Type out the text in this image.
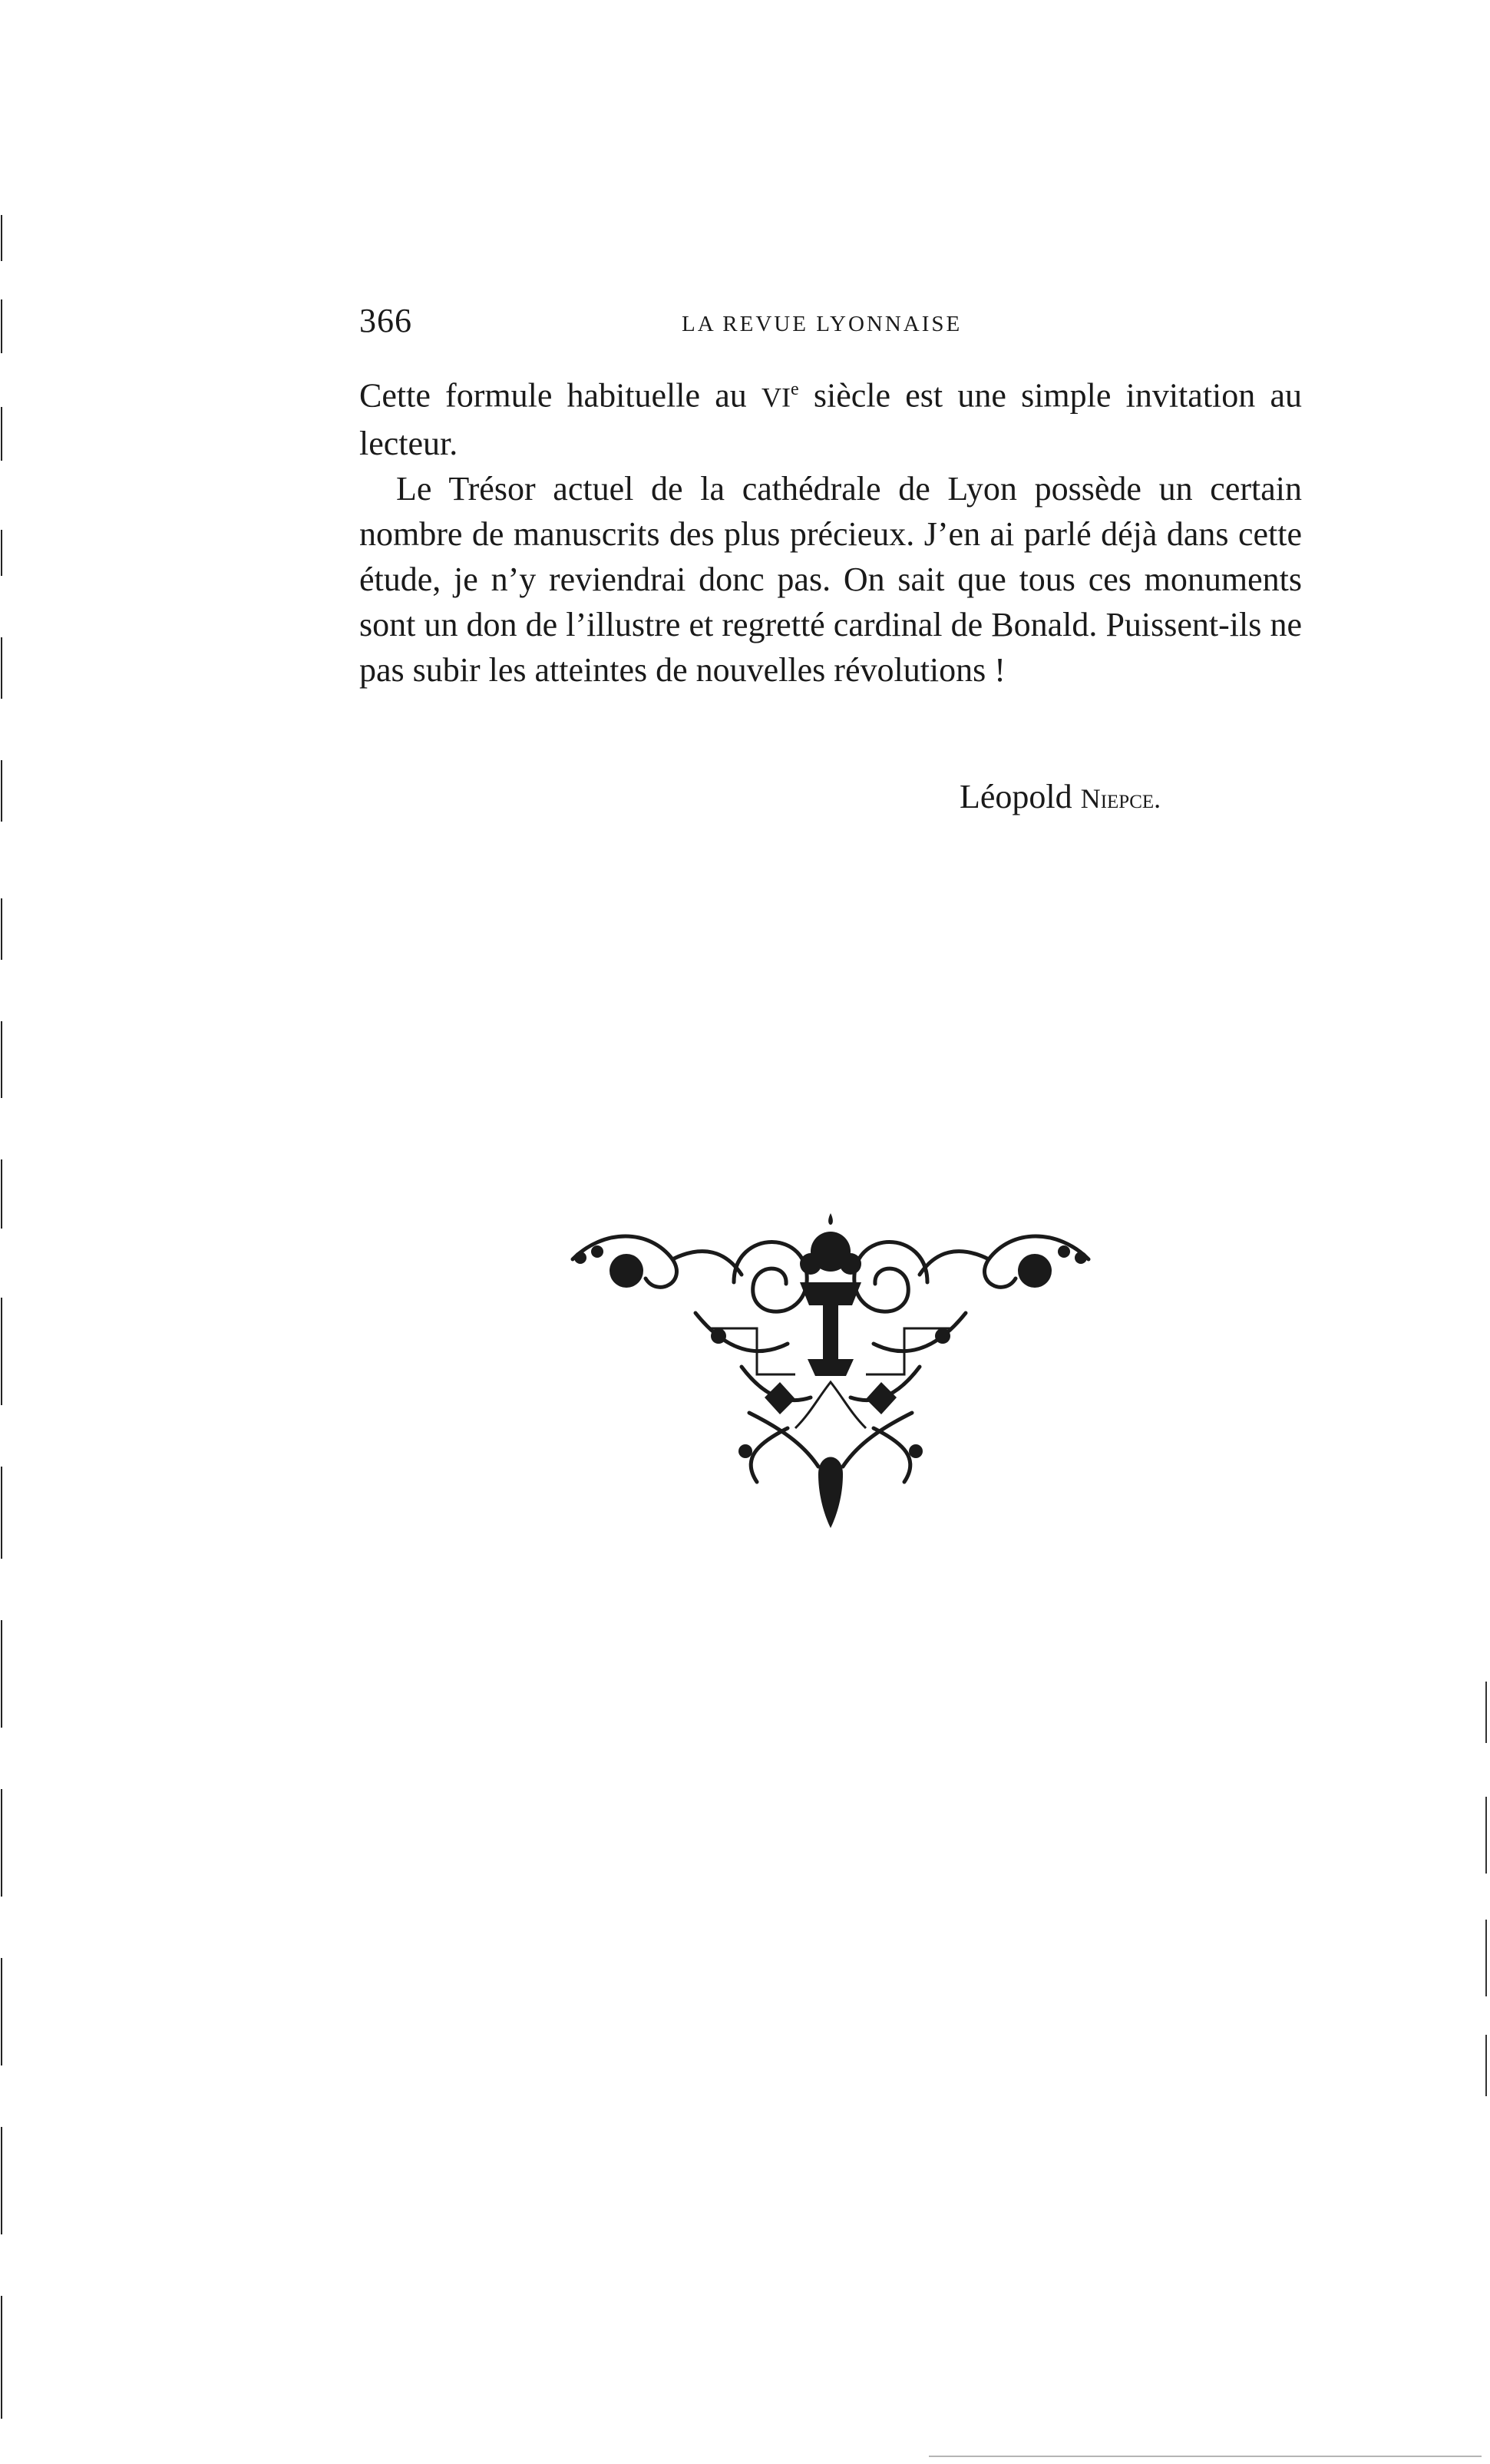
366	LA REVUE LYONNAISE

Cette formule habituelle au VIe siècle est une simple invitation au lecteur.

Le Trésor actuel de la cathédrale de Lyon possède un certain nombre de manuscrits des plus précieux. J’en ai parlé déjà dans cette étude, je n’y reviendrai donc pas. On sait que tous ces monuments sont un don de l’illustre et regretté cardinal de Bonald. Puissent-ils ne pas subir les atteintes de nouvelles révolutions !

Léopold Niepce.
